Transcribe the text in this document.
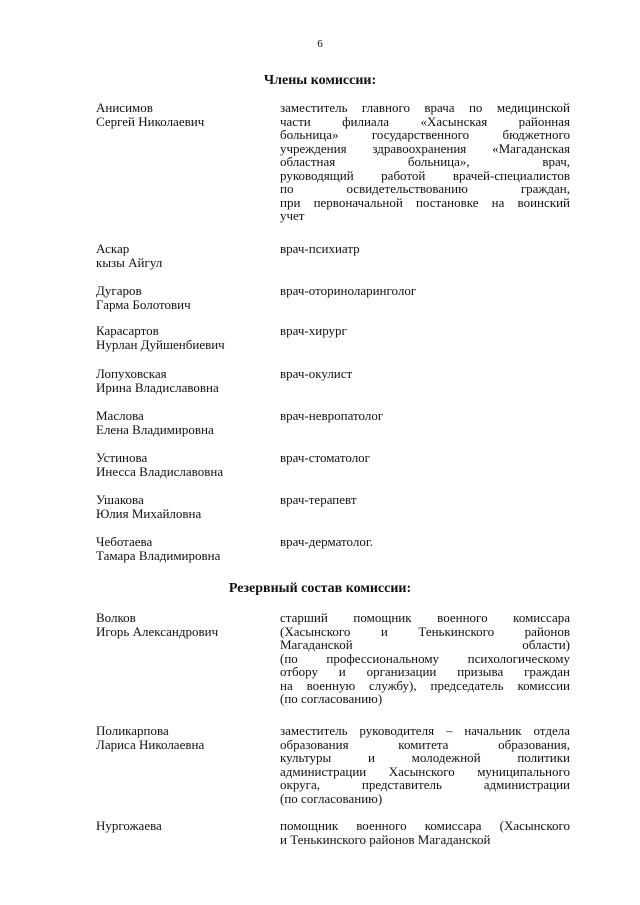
6
Члены комиссии:
Анисимов
Сергей Николаевич
заместитель главного врача по медицинской
части филиала «Хасынская районная
больница» государственного бюджетного
учреждения здравоохранения «Магаданская
областная больница», врач,
руководящий работой врачей-специалистов
по освидетельствованию граждан,
при первоначальной постановке на воинский
учет
Аскар
кызы Айгул
врач-психиатр
Дугаров
Гарма Болотович
врач-оториноларинголог
Карасартов
Нурлан Дуйшенбиевич
врач-хирург
Лопуховская
Ирина Владиславовна
врач-окулист
Маслова
Елена Владимировна
врач-невропатолог
Устинова
Инесса Владиславовна
врач-стоматолог
Ушакова
Юлия Михайловна
врач-терапевт
Чеботаева
Тамара Владимировна
врач-дерматолог.
Резервный состав комиссии:
Волков
Игорь Александрович
старший помощник военного комиссара
(Хасынского и Тенькинского районов
Магаданской области)
(по профессиональному психологическому
отбору и организации призыва граждан
на военную службу), председатель комиссии
(по согласованию)
Поликарпова
Лариса Николаевна
заместитель руководителя – начальник отдела
образования комитета образования,
культуры и молодежной политики
администрации Хасынского муниципального
округа, представитель администрации
(по согласованию)
Нургожаева	помощник военного комиссара (Хасынского
и Тенькинского районов Магаданской
